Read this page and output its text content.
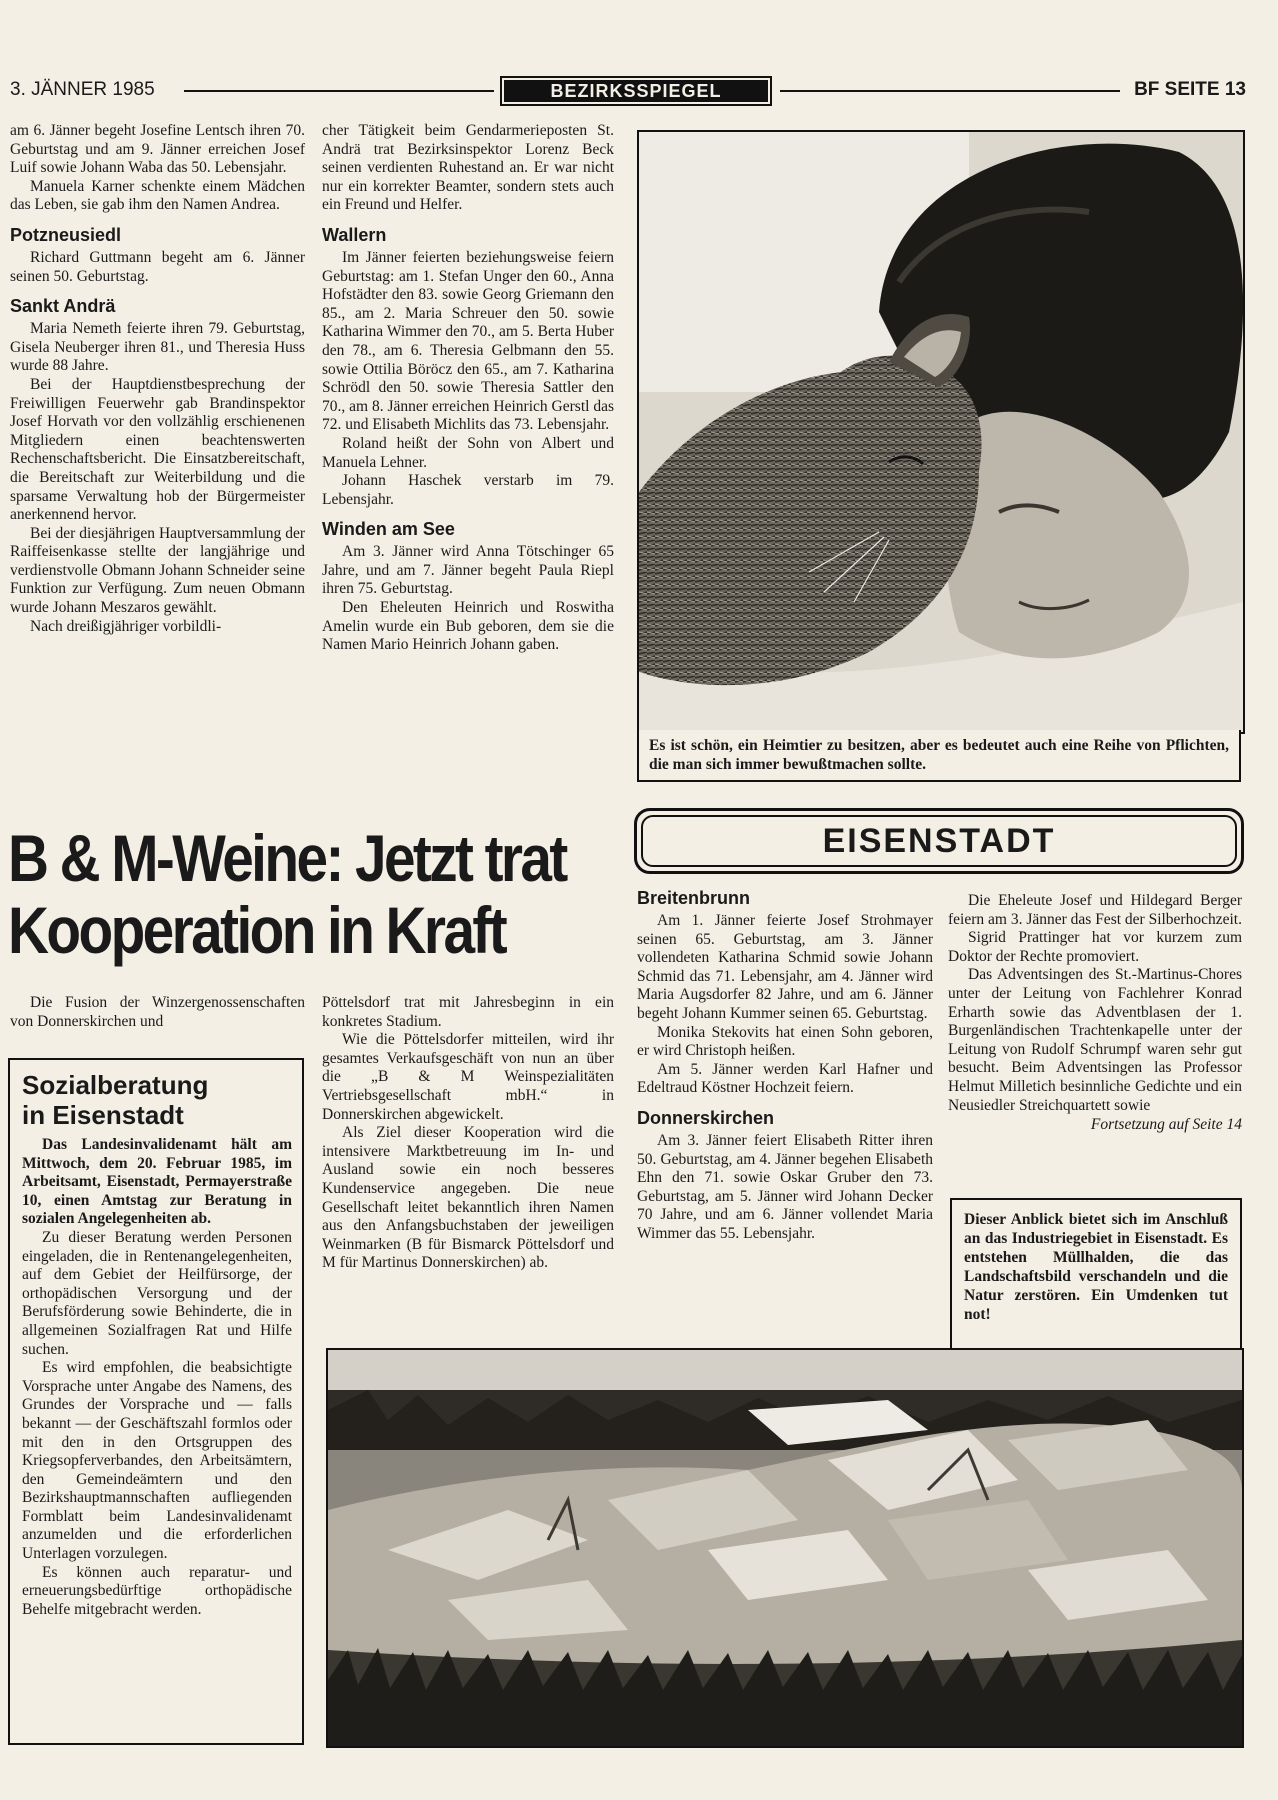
3. JÄNNER 1985	BEZIRKSSPIEGEL	BF SEITE 13

am 6. Jänner begeht Josefine Lentsch ihren 70. Geburtstag und am 9. Jänner erreichen Josef Luif sowie Johann Waba das 50. Lebensjahr.

Manuela Karner schenkte einem Mädchen das Leben, sie gab ihm den Namen Andrea.

Potzneusiedl

Richard Guttmann begeht am 6. Jänner seinen 50. Geburtstag.

Sankt Andrä

Maria Nemeth feierte ihren 79. Geburtstag, Gisela Neuberger ihren 81., und Theresia Huss wurde 88 Jahre.

Bei der Hauptdienstbesprechung der Freiwilligen Feuerwehr gab Brandinspektor Josef Horvath vor den vollzählig erschienenen Mitgliedern einen beachtenswerten Rechenschaftsbericht. Die Einsatzbereitschaft, die Bereitschaft zur Weiterbildung und die sparsame Verwaltung hob der Bürgermeister anerkennend hervor.

Bei der diesjährigen Hauptversammlung der Raiffeisenkasse stellte der langjährige und verdienstvolle Obmann Johann Schneider seine Funktion zur Verfügung. Zum neuen Obmann wurde Johann Meszaros gewählt.

Nach dreißigjähriger vorbildli-

cher Tätigkeit beim Gendarmerieposten St. Andrä trat Bezirksinspektor Lorenz Beck seinen verdienten Ruhestand an. Er war nicht nur ein korrekter Beamter, sondern stets auch ein Freund und Helfer.

Wallern

Im Jänner feierten beziehungsweise feiern Geburtstag: am 1. Stefan Unger den 60., Anna Hofstädter den 83. sowie Georg Griemann den 85., am 2. Maria Schreuer den 50. sowie Katharina Wimmer den 70., am 5. Berta Huber den 78., am 6. Theresia Gelbmann den 55. sowie Ottilia Böröcz den 65., am 7. Katharina Schrödl den 50. sowie Theresia Sattler den 70., am 8. Jänner erreichen Heinrich Gerstl das 72. und Elisabeth Michlits das 73. Lebensjahr.

Roland heißt der Sohn von Albert und Manuela Lehner.

Johann Haschek verstarb im 79. Lebensjahr.

Winden am See

Am 3. Jänner wird Anna Tötschinger 65 Jahre, und am 7. Jänner begeht Paula Riepl ihren 75. Geburtstag.

Den Eheleuten Heinrich und Roswitha Amelin wurde ein Bub geboren, dem sie die Namen Mario Heinrich Johann gaben.

Es ist schön, ein Heimtier zu besitzen, aber es bedeutet auch eine Reihe von Pflichten, die man sich immer bewußtmachen sollte.
B & M-Weine: Jetzt trat
Kooperation in Kraft

Die Fusion der Winzergenossenschaften von Donnerskirchen und

Pöttelsdorf trat mit Jahresbeginn in ein konkretes Stadium.

Wie die Pöttelsdorfer mitteilen, wird ihr gesamtes Verkaufsgeschäft von nun an über die „B & M Weinspezialitäten Vertriebsgesellschaft mbH.“ in Donnerskirchen abgewickelt.

Als Ziel dieser Kooperation wird die intensivere Marktbetreuung im In- und Ausland sowie ein noch besseres Kundenservice angegeben. Die neue Gesellschaft leitet bekanntlich ihren Namen aus den Anfangsbuchstaben der jeweiligen Weinmarken (B für Bismarck Pöttelsdorf und M für Martinus Donnerskirchen) ab.

Sozialberatung
in Eisenstadt

Das Landesinvalidenamt hält am Mittwoch, dem 20. Februar 1985, im Arbeitsamt, Eisenstadt, Permayerstraße 10, einen Amtstag zur Beratung in sozialen Angelegenheiten ab.

Zu dieser Beratung werden Personen eingeladen, die in Rentenangelegenheiten, auf dem Gebiet der Heilfürsorge, der orthopädischen Versorgung und der Berufsförderung sowie Behinderte, die in allgemeinen Sozialfragen Rat und Hilfe suchen.

Es wird empfohlen, die beabsichtigte Vorsprache unter Angabe des Namens, des Grundes der Vorsprache und — falls bekannt — der Geschäftszahl formlos oder mit den in den Ortsgruppen des Kriegsopferverbandes, den Arbeitsämtern, den Gemeindeämtern und den Bezirkshauptmannschaften aufliegenden Formblatt beim Landesinvalidenamt anzumelden und die erforderlichen Unterlagen vorzulegen.

Es können auch reparatur- und erneuerungsbedürftige orthopädische Behelfe mitgebracht werden.

EISENSTADT
Breitenbrunn

Am 1. Jänner feierte Josef Strohmayer seinen 65. Geburtstag, am 3. Jänner vollendeten Katharina Schmid sowie Johann Schmid das 71. Lebensjahr, am 4. Jänner wird Maria Augsdorfer 82 Jahre, und am 6. Jänner begeht Johann Kummer seinen 65. Geburtstag.

Monika Stekovits hat einen Sohn geboren, er wird Christoph heißen.

Am 5. Jänner werden Karl Hafner und Edeltraud Köstner Hochzeit feiern.

Donnerskirchen

Am 3. Jänner feiert Elisabeth Ritter ihren 50. Geburtstag, am 4. Jänner begehen Elisabeth Ehn den 71. sowie Oskar Gruber den 73. Geburtstag, am 5. Jänner wird Johann Decker 70 Jahre, und am 6. Jänner vollendet Maria Wimmer das 55. Lebensjahr.

Die Eheleute Josef und Hildegard Berger feiern am 3. Jänner das Fest der Silberhochzeit.

Sigrid Prattinger hat vor kurzem zum Doktor der Rechte promoviert.

Das Adventsingen des St.-Martinus-Chores unter der Leitung von Fachlehrer Konrad Erharth sowie das Adventblasen der 1. Burgenländischen Trachtenkapelle unter der Leitung von Rudolf Schrumpf waren sehr gut besucht. Beim Adventsingen las Professor Helmut Milletich besinnliche Gedichte und ein Neusiedler Streichquartett sowie

Fortsetzung auf Seite 14
Dieser Anblick bietet sich im Anschluß an das Industriegebiet in Eisenstadt. Es entstehen Müllhalden, die das Landschaftsbild verschandeln und die Natur zerstören. Ein Umdenken tut not!
